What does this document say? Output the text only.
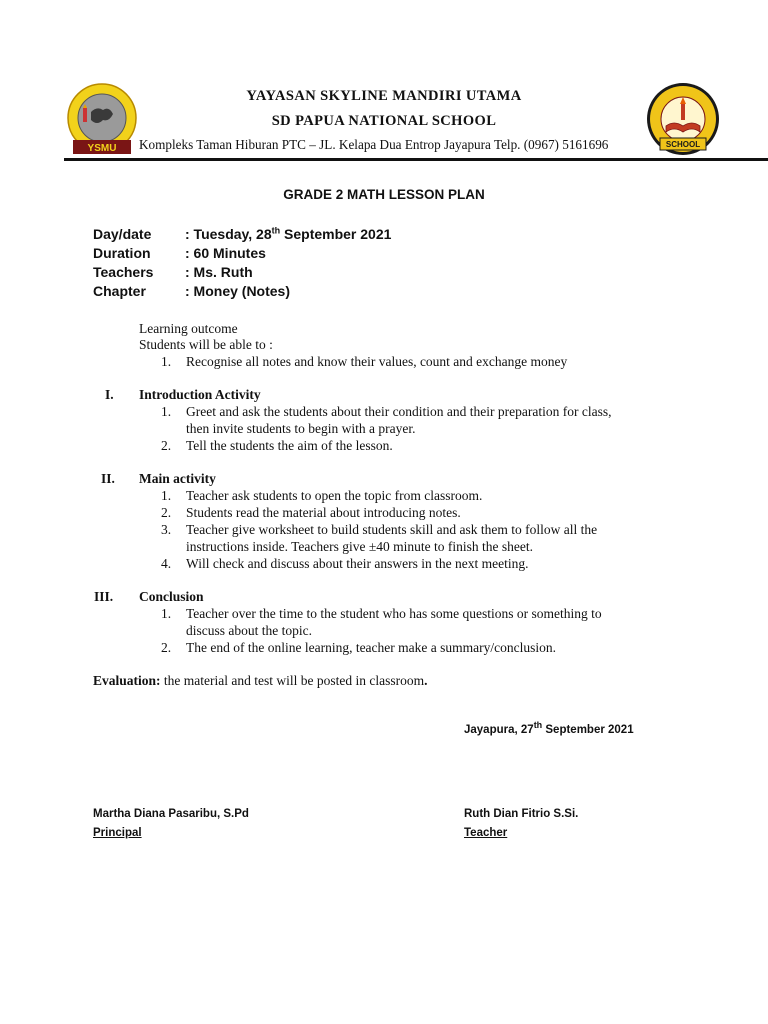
YSMU
YAYASAN SKYLINE MANDIRI UTAMA
SD PAPUA NATIONAL SCHOOL
Kompleks Taman Hiburan PTC – JL. Kelapa Dua Entrop Jayapura Telp. (0967) 5161696	SCHOOL
GRADE 2 MATH LESSON PLAN
Day/date : Tuesday, 28th September 2021
Duration : 60 Minutes
Teachers : Ms. Ruth
Chapter	: Money (Notes)
Learning outcome
Students will be able to :
1. Recognise all notes and know their values, count and exchange money
I. Introduction Activity
1. Greet and ask the students about their condition and their preparation for class,
then invite students to begin with a prayer.
2. Tell the students the aim of the lesson.
II. Main activity
1. Teacher ask students to open the topic from classroom.
2. Students read the material about introducing notes.
3. Teacher give worksheet to build students skill and ask them to follow all the
instructions inside. Teachers give ±40 minute to finish the sheet.
4. Will check and discuss about their answers in the next meeting.
III. Conclusion
1. Teacher over the time to the student who has some questions or something to
discuss about the topic.
2. The end of the online learning, teacher make a summary/conclusion.
Evaluation: the material and test will be posted in classroom.
Jayapura, 27th September 2021
Martha Diana Pasaribu, S.Pd
Principal
Ruth Dian Fitrio S.Si.
Teacher
